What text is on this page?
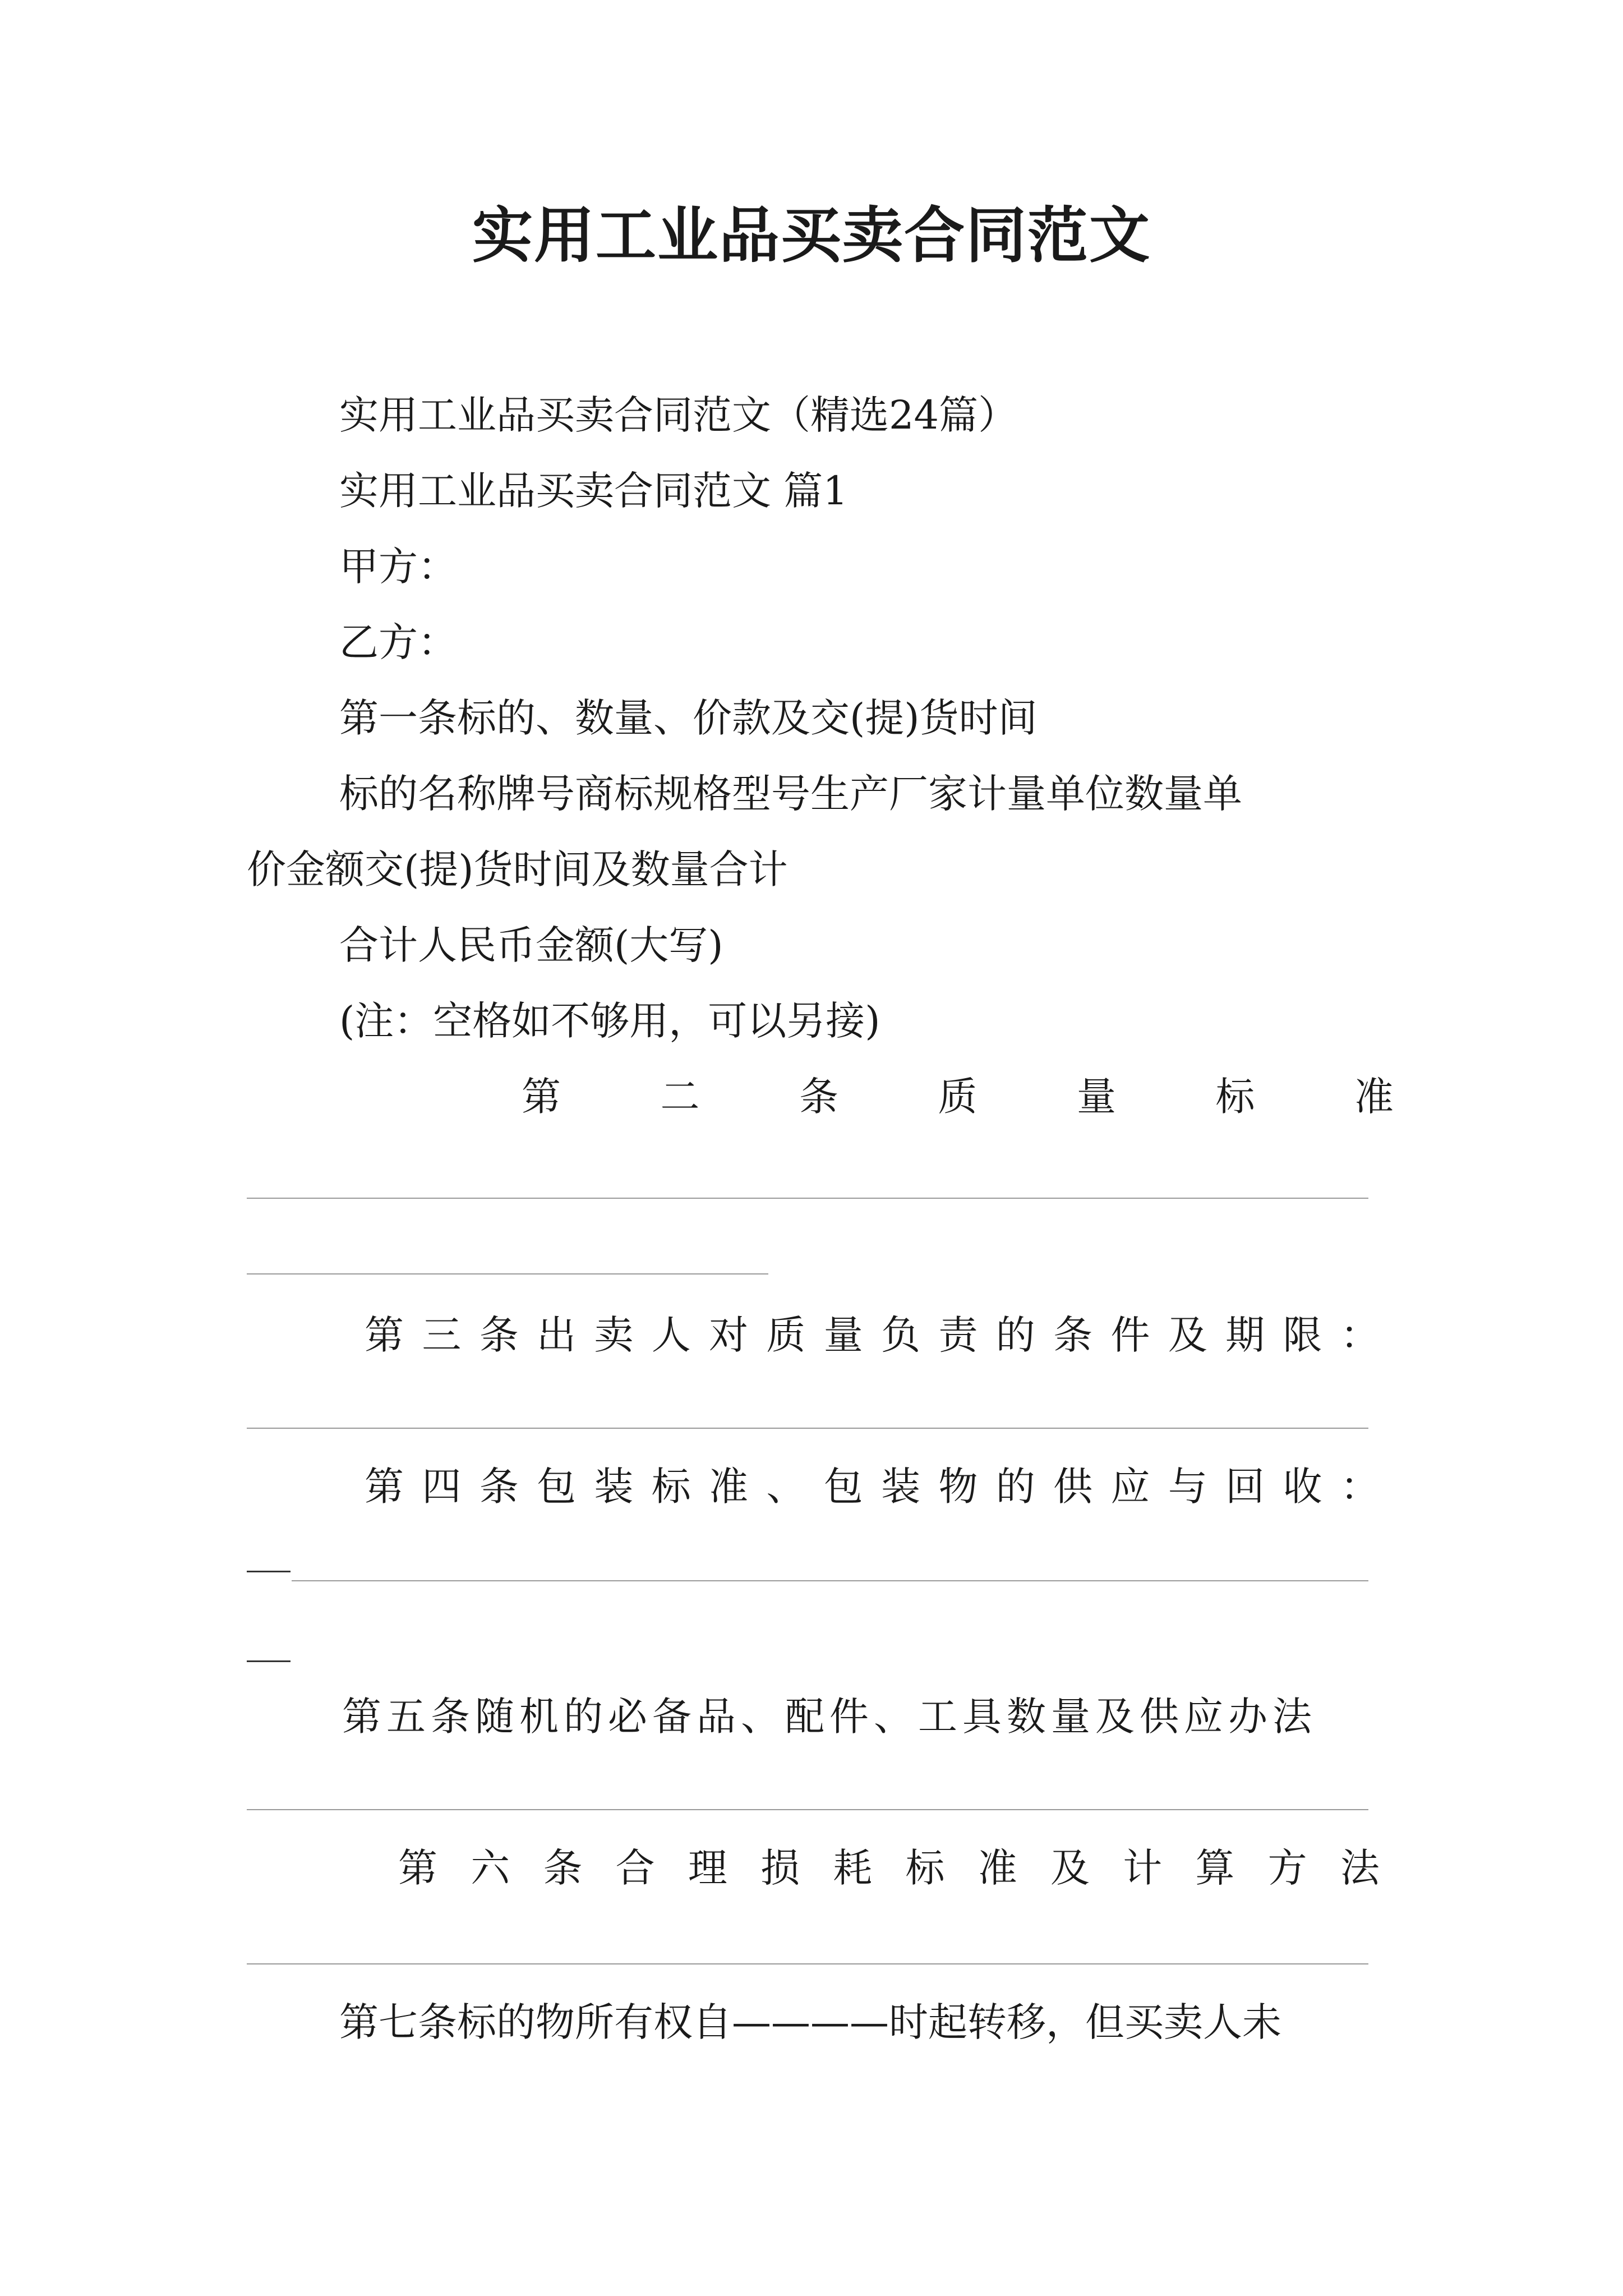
实用工业品买卖合同范文
实用工业品买卖合同范文（精选24篇）
实用工业品买卖合同范文 篇1
甲方：
乙方：
第一条标的、数量、价款及交(提)货时间
标的名称牌号商标规格型号生产厂家计量单位数量单
价金额交(提)货时间及数量合计
合计人民币金额(大写)
(注：空格如不够用，可以另接)
第	二	条	质	量	标	准
第 三 条 出 卖 人 对 质 量 负 责 的 条 件 及 期 限 ：
第 四 条 包 装 标 准 、 包 装 物 的 供 应 与 回 收 ：
第五条随机的必备品、配件、工具数量及供应办法
第 六 条 合 理 损 耗 标 准 及 计 算 方 法
第七条标的物所有权自————时起转移，但买卖人未
